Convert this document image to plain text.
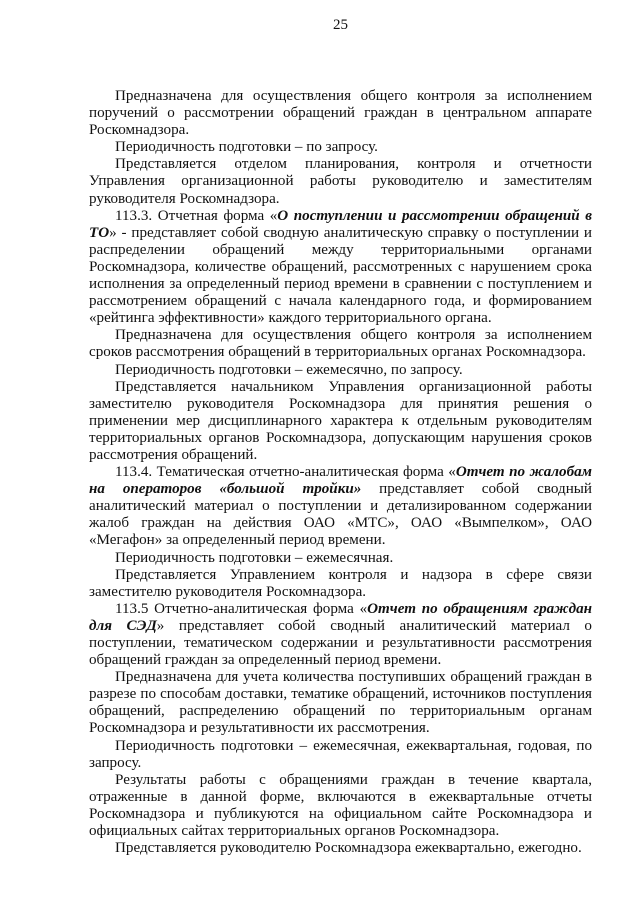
25

Предназначена для осуществления общего контроля за исполнением поручений о рассмотрении обращений граждан в центральном аппарате Роскомнадзора.

Периодичность подготовки – по запросу.

Представляется отделом планирования, контроля и отчетности Управления организационной работы руководителю и заместителям руководителя Роскомнадзора.

113.3. Отчетная форма «О поступлении и рассмотрении обращений в ТО» - представляет собой сводную аналитическую справку о поступлении и распределении обращений между территориальными органами Роскомнадзора, количестве обращений, рассмотренных с нарушением срока исполнения за определенный период времени в сравнении с поступлением и рассмотрением обращений с начала календарного года, и формированием «рейтинга эффективности» каждого территориального органа.

Предназначена для осуществления общего контроля за исполнением сроков рассмотрения обращений в территориальных органах Роскомнадзора.

Периодичность подготовки – ежемесячно, по запросу.

Представляется начальником Управления организационной работы заместителю руководителя Роскомнадзора для принятия решения о применении мер дисциплинарного характера к отдельным руководителям территориальных органов Роскомнадзора, допускающим нарушения сроков рассмотрения обращений.

113.4. Тематическая отчетно-аналитическая форма «Отчет по жалобам на операторов «большой тройки» представляет собой сводный аналитический материал о поступлении и детализированном содержании жалоб граждан на действия ОАО «МТС», ОАО «Вымпелком», ОАО «Мегафон» за определенный период времени.

Периодичность подготовки – ежемесячная.

Представляется Управлением контроля и надзора в сфере связи заместителю руководителя Роскомнадзора.

113.5 Отчетно-аналитическая форма «Отчет по обращениям граждан для СЭД» представляет собой сводный аналитический материал о поступлении, тематическом содержании и результативности рассмотрения обращений граждан за определенный период времени.

Предназначена для учета количества поступивших обращений граждан в разрезе по способам доставки, тематике обращений, источников поступления обращений, распределению обращений по территориальным органам Роскомнадзора и результативности их рассмотрения.

Периодичность подготовки – ежемесячная, ежеквартальная, годовая, по запросу.

Результаты работы с обращениями граждан в течение квартала, отраженные в данной форме, включаются в ежеквартальные отчеты Роскомнадзора и публикуются на официальном сайте Роскомнадзора и официальных сайтах территориальных органов Роскомнадзора.

Представляется руководителю Роскомнадзора ежеквартально, ежегодно.
